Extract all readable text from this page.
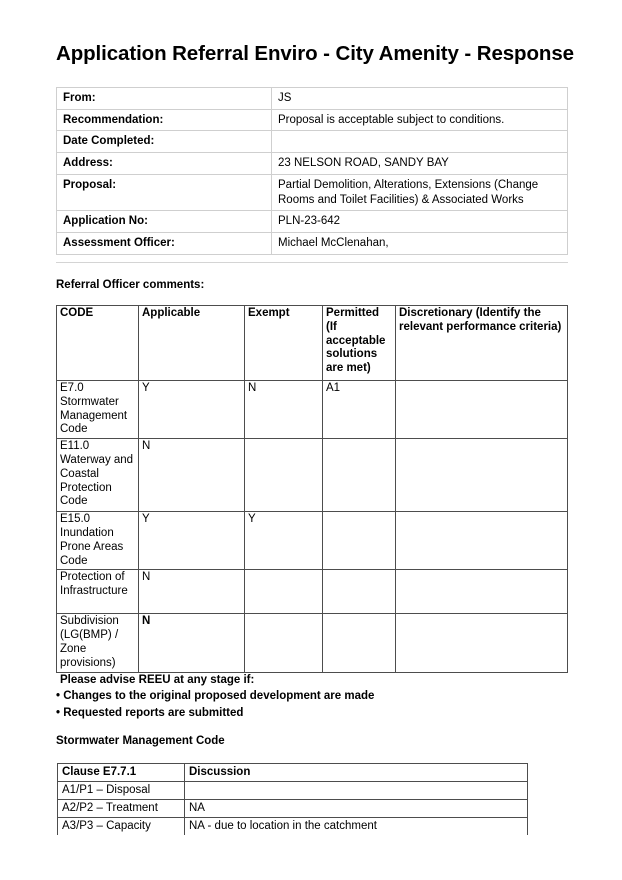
Application Referral Enviro - City Amenity - Response
From:	JS
Recommendation:	Proposal is acceptable subject to conditions.
Date Completed:	
Address:	23 NELSON ROAD, SANDY BAY
Proposal:	Partial Demolition, Alterations, Extensions (Change Rooms and Toilet Facilities) & Associated Works
Application No:	PLN-23-642
Assessment Officer:	Michael McClenahan,
Referral Officer comments:
CODE	Applicable	Exempt	Permitted (If acceptable solutions are met)	Discretionary (Identify the relevant performance criteria)
E7.0 Stormwater Management Code	Y	N	A1	
E11.0 Waterway and Coastal Protection Code	N			
E15.0 Inundation Prone Areas Code	Y	Y		
Protection of Infrastructure	N			
Subdivision (LG(BMP) / Zone provisions)	N			
Please advise REEU at any stage if:
• Changes to the original proposed development are made
• Requested reports are submitted
Stormwater Management Code
Clause E7.7.1	Discussion
A1/P1 – Disposal	
A2/P2 – Treatment	NA
A3/P3 – Capacity	NA - due to location in the catchment
